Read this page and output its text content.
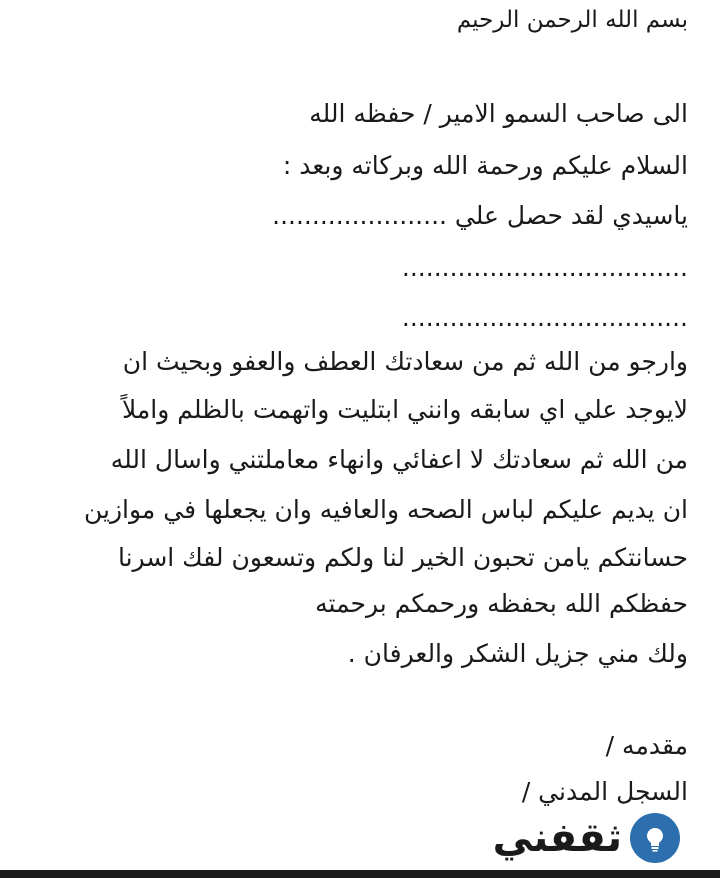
بسم الله الرحمن الرحيم
الى صاحب السمو الامير / حفظه الله
السلام عليكم ورحمة الله وبركاته وبعد :
ياسيدي لقد حصل علي ......................
....................................
....................................
وارجو من الله ثم من سعادتك العطف والعفو وبحيث ان
لايوجد علي اي سابقه وانني ابتليت واتهمت بالظلم واملاً
من الله ثم سعادتك لا اعفائي وانهاء معاملتني واسال الله
ان يديم عليكم لباس الصحه والعافيه وان يجعلها في موازين
حسانتكم يامن تحبون الخير لنا ولكم وتسعون لفك اسرنا
حفظكم الله بحفظه ورحمكم برحمته
ولك مني جزيل الشكر والعرفان .
مقدمه /
السجل المدني /
ثقفني
